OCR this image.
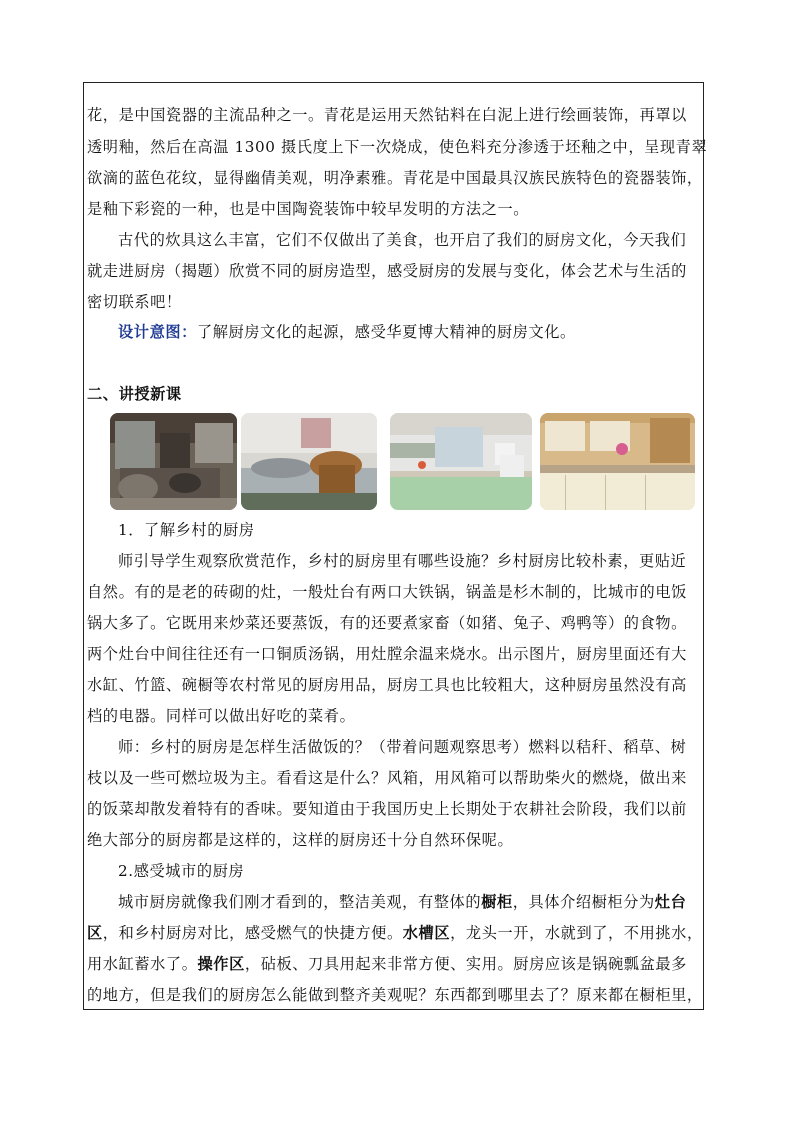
花，是中国瓷器的主流品种之一。青花是运用天然钴料在白泥上进行绘画装饰，再罩以
透明釉，然后在高温 1300 摄氏度上下一次烧成，使色料充分渗透于坯釉之中，呈现青翠
欲滴的蓝色花纹，显得幽倩美观，明净素雅。青花是中国最具汉族民族特色的瓷器装饰，
是釉下彩瓷的一种，也是中国陶瓷装饰中较早发明的方法之一。
古代的炊具这么丰富，它们不仅做出了美食，也开启了我们的厨房文化，今天我们
就走进厨房（揭题）欣赏不同的厨房造型，感受厨房的发展与变化，体会艺术与生活的
密切联系吧！
设计意图：了解厨房文化的起源，感受华夏博大精神的厨房文化。
二、讲授新课
1．了解乡村的厨房
师引导学生观察欣赏范作，乡村的厨房里有哪些设施？乡村厨房比较朴素，更贴近
自然。有的是老的砖砌的灶，一般灶台有两口大铁锅，锅盖是杉木制的，比城市的电饭
锅大多了。它既用来炒菜还要蒸饭，有的还要煮家畜（如猪、兔子、鸡鸭等）的食物。
两个灶台中间往往还有一口铜质汤锅，用灶膛余温来烧水。出示图片，厨房里面还有大
水缸、竹篮、碗橱等农村常见的厨房用品，厨房工具也比较粗大，这种厨房虽然没有高
档的电器。同样可以做出好吃的菜肴。
师：乡村的厨房是怎样生活做饭的？（带着问题观察思考）燃料以秸秆、稻草、树
枝以及一些可燃垃圾为主。看看这是什么？风箱，用风箱可以帮助柴火的燃烧，做出来
的饭菜却散发着特有的香味。要知道由于我国历史上长期处于农耕社会阶段，我们以前
绝大部分的厨房都是这样的，这样的厨房还十分自然环保呢。
2.感受城市的厨房
城市厨房就像我们刚才看到的，整洁美观，有整体的橱柜，具体介绍橱柜分为灶台
区，和乡村厨房对比，感受燃气的快捷方便。水槽区，龙头一开，水就到了，不用挑水，
用水缸蓄水了。操作区，砧板、刀具用起来非常方便、实用。厨房应该是锅碗瓢盆最多
的地方，但是我们的厨房怎么能做到整齐美观呢？东西都到哪里去了？原来都在橱柜里，
